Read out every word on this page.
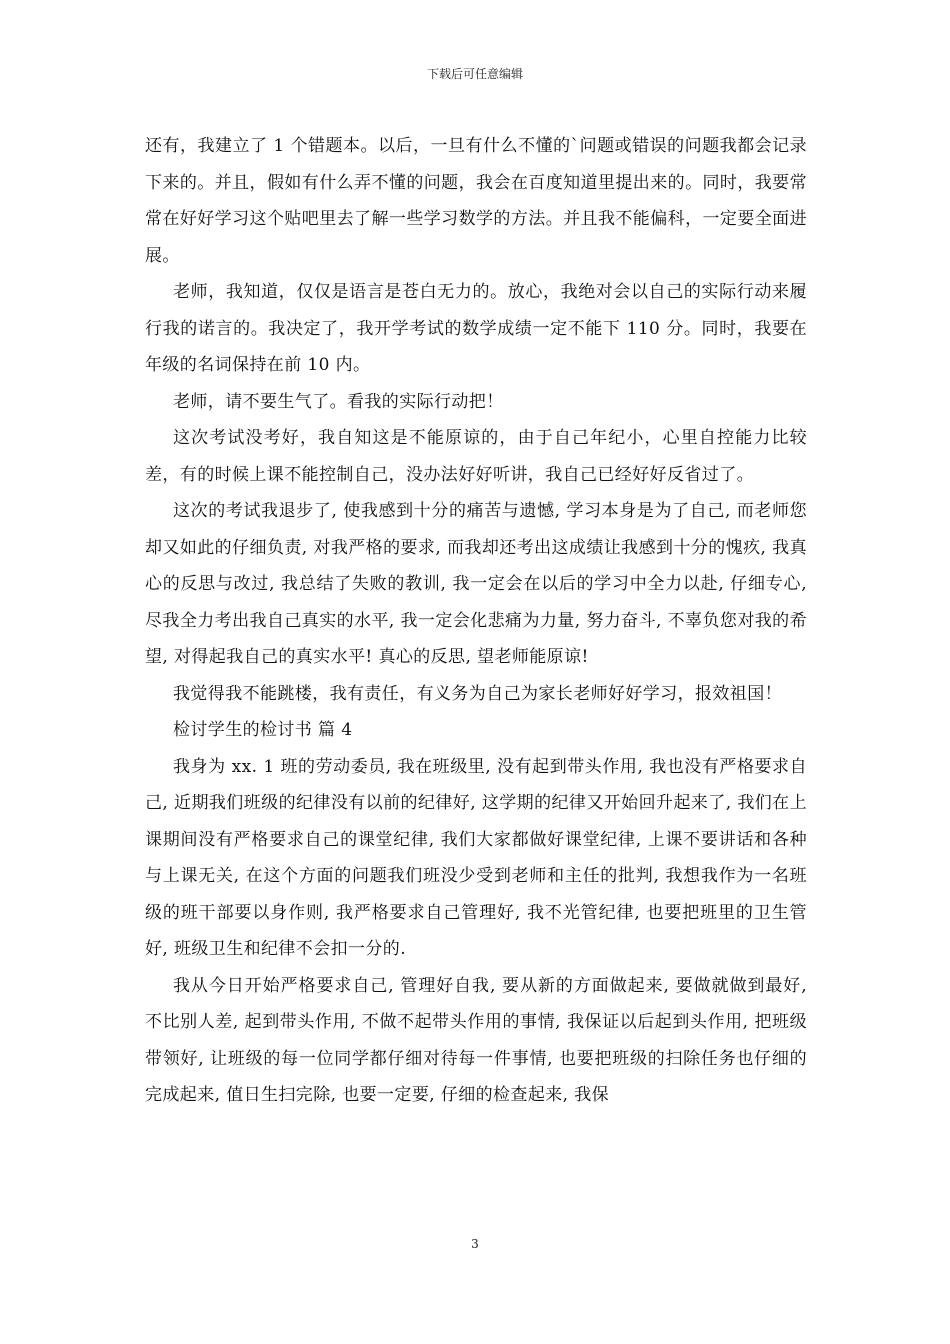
下载后可任意编辑

还有，我建立了 1 个错题本。以后，一旦有什么不懂的`问题或错误的问题我都会记录下来的。并且，假如有什么弄不懂的问题，我会在百度知道里提出来的。同时，我要常常在好好学习这个贴吧里去了解一些学习数学的方法。并且我不能偏科，一定要全面进展。

老师，我知道，仅仅是语言是苍白无力的。放心，我绝对会以自己的实际行动来履行我的诺言的。我决定了，我开学考试的数学成绩一定不能下 110 分。同时，我要在年级的名词保持在前 10 内。

老师，请不要生气了。看我的实际行动把！

这次考试没考好，我自知这是不能原谅的，由于自己年纪小，心里自控能力比较差，有的时候上课不能控制自己，没办法好好听讲，我自己已经好好反省过了。

这次的考试我退步了, 使我感到十分的痛苦与遗憾, 学习本身是为了自己, 而老师您却又如此的仔细负责, 对我严格的要求, 而我却还考出这成绩让我感到十分的愧疚, 我真心的反思与改过, 我总结了失败的教训, 我一定会在以后的学习中全力以赴, 仔细专心, 尽我全力考出我自己真实的水平, 我一定会化悲痛为力量, 努力奋斗, 不辜负您对我的希望, 对得起我自己的真实水平! 真心的反思, 望老师能原谅!

我觉得我不能跳楼，我有责任，有义务为自己为家长老师好好学习，报效祖国！

检讨学生的检讨书 篇 4

我身为 xx. 1 班的劳动委员, 我在班级里, 没有起到带头作用, 我也没有严格要求自己, 近期我们班级的纪律没有以前的纪律好, 这学期的纪律又开始回升起来了, 我们在上课期间没有严格要求自己的课堂纪律, 我们大家都做好课堂纪律, 上课不要讲话和各种与上课无关, 在这个方面的问题我们班没少受到老师和主任的批判, 我想我作为一名班级的班干部要以身作则, 我严格要求自己管理好, 我不光管纪律, 也要把班里的卫生管好, 班级卫生和纪律不会扣一分的.

我从今日开始严格要求自己, 管理好自我, 要从新的方面做起来, 要做就做到最好, 不比别人差, 起到带头作用, 不做不起带头作用的事情, 我保证以后起到头作用, 把班级带领好, 让班级的每一位同学都仔细对待每一件事情, 也要把班级的扫除任务也仔细的完成起来, 值日生扫完除, 也要一定要, 仔细的检查起来, 我保

3
